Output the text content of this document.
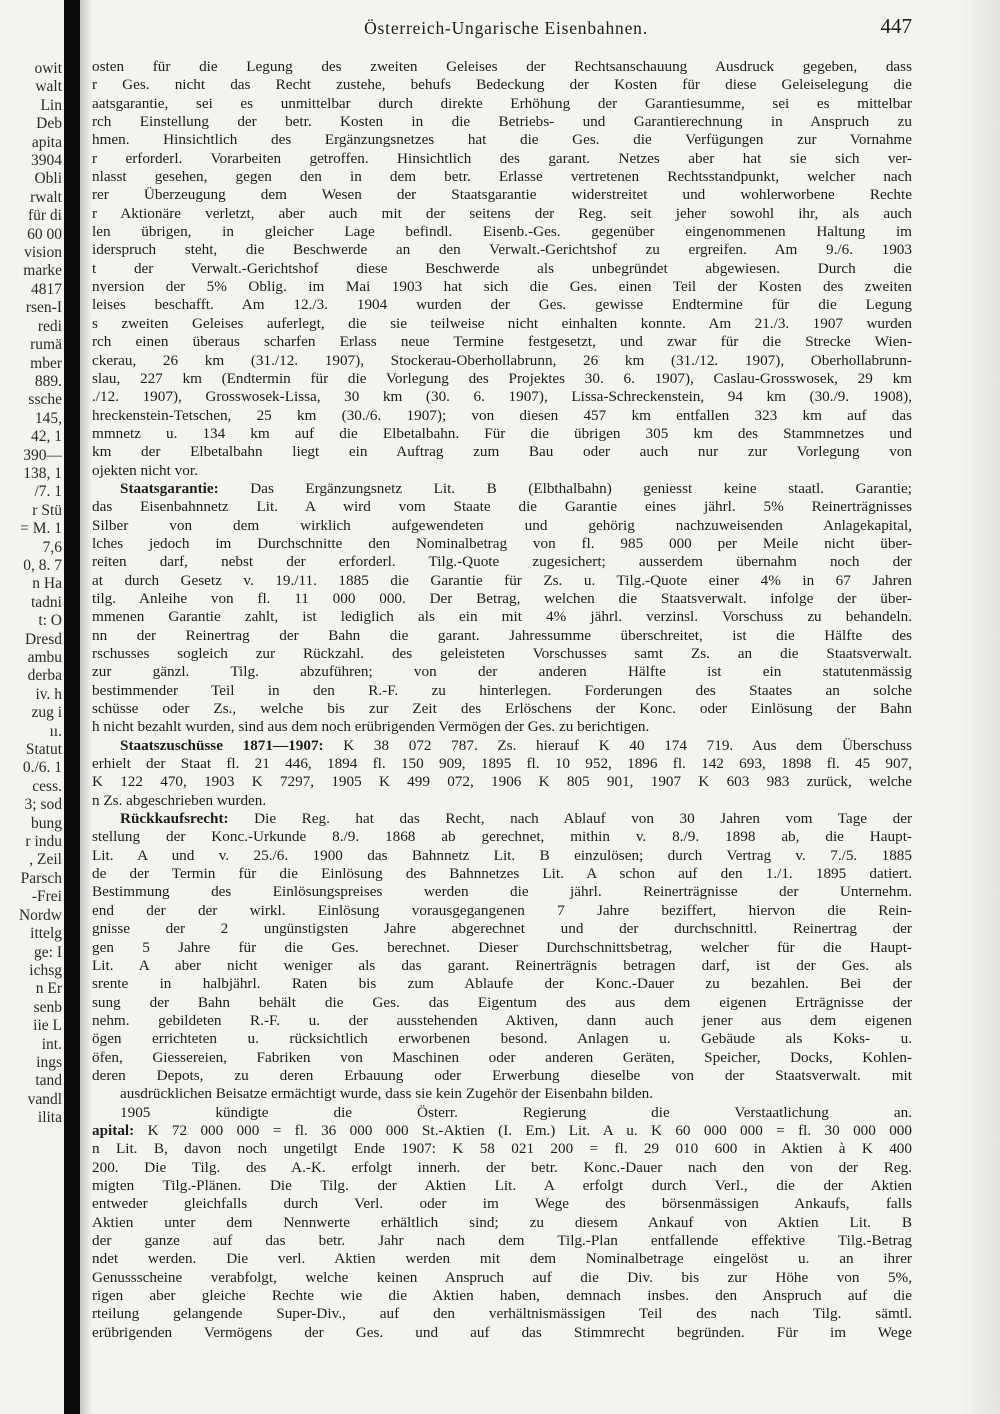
owit
walt
Lin
Deb
apita
3904
Obli
rwalt
für di
60 00
vision
marke
4817
rsen-I
redi
rumä
mber
889.
ssche
145,
42, 1
390—
138, 1
/7. 1
r Stü
= M. 1
7,6
0, 8. 7
n Ha
tadni
t: O
Dresd
ambu
derba
iv. h
zug i
ıı.
Statut
0./6. 1
cess.
3; sod
bung
r indu
, Zeil
Parsch
-Frei
Nordw
ittelg
ge: I
ichsg
n Er
senb
iie L
int.
ings
tand
vandl
ilita
Österreich-Ungarische Eisenbahnen.	447
osten für die Legung des zweiten Geleises der Rechtsanschauung Ausdruck gegeben, dass
r Ges. nicht das Recht zustehe, behufs Bedeckung der Kosten für diese Geleiselegung die
aatsgarantie, sei es unmittelbar durch direkte Erhöhung der Garantiesumme, sei es mittelbar
rch Einstellung der betr. Kosten in die Betriebs- und Garantierechnung in Anspruch zu
hmen. Hinsichtlich des Ergänzungsnetzes hat die Ges. die Verfügungen zur Vornahme
r erforderl. Vorarbeiten getroffen. Hinsichtlich des garant. Netzes aber hat sie sich ver-
nlasst gesehen, gegen den in dem betr. Erlasse vertretenen Rechtsstandpunkt, welcher nach
rer Überzeugung dem Wesen der Staatsgarantie widerstreitet und wohlerworbene Rechte
r Aktionäre verletzt, aber auch mit der seitens der Reg. seit jeher sowohl ihr, als auch
len übrigen, in gleicher Lage befindl. Eisenb.-Ges. gegenüber eingenommenen Haltung im
iderspruch steht, die Beschwerde an den Verwalt.-Gerichtshof zu ergreifen. Am 9./6. 1903
t der Verwalt.-Gerichtshof diese Beschwerde als unbegründet abgewiesen. Durch die
nversion der 5% Oblig. im Mai 1903 hat sich die Ges. einen Teil der Kosten des zweiten
leises beschafft. Am 12./3. 1904 wurden der Ges. gewisse Endtermine für die Legung
s zweiten Geleises auferlegt, die sie teilweise nicht einhalten konnte. Am 21./3. 1907 wurden
rch einen überaus scharfen Erlass neue Termine festgesetzt, und zwar für die Strecke Wien-
ckerau, 26 km (31./12. 1907), Stockerau-Oberhollabrunn, 26 km (31./12. 1907), Oberhollabrunn-
slau, 227 km (Endtermin für die Vorlegung des Projektes 30. 6. 1907), Caslau-Grosswosek, 29 km
./12. 1907), Grosswosek-Lissa, 30 km (30. 6. 1907), Lissa-Schreckenstein, 94 km (30./9. 1908),
hreckenstein-Tetschen, 25 km (30./6. 1907); von diesen 457 km entfallen 323 km auf das
mmnetz u. 134 km auf die Elbetalbahn. Für die übrigen 305 km des Stammnetzes und
km der Elbetalbahn liegt ein Auftrag zum Bau oder auch nur zur Vorlegung von
ojekten nicht vor.
Staatsgarantie: Das Ergänzungsnetz Lit. B (Elbthalbahn) geniesst keine staatl. Garantie;
das Eisenbahnnetz Lit. A wird vom Staate die Garantie eines jährl. 5% Reinerträgnisses
Silber von dem wirklich aufgewendeten und gehörig nachzuweisenden Anlagekapital,
lches jedoch im Durchschnitte den Nominalbetrag von fl. 985 000 per Meile nicht über-
reiten darf, nebst der erforderl. Tilg.-Quote zugesichert; ausserdem übernahm noch der
at durch Gesetz v. 19./11. 1885 die Garantie für Zs. u. Tilg.-Quote einer 4% in 67 Jahren
tilg. Anleihe von fl. 11 000 000. Der Betrag, welchen die Staatsverwalt. infolge der über-
mmenen Garantie zahlt, ist lediglich als ein mit 4% jährl. verzinsl. Vorschuss zu behandeln.
nn der Reinertrag der Bahn die garant. Jahressumme überschreitet, ist die Hälfte des
rschusses sogleich zur Rückzahl. des geleisteten Vorschusses samt Zs. an die Staatsverwalt.
zur gänzl. Tilg. abzuführen; von der anderen Hälfte ist ein statutenmässig
bestimmender Teil in den R.-F. zu hinterlegen. Forderungen des Staates an solche
schüsse oder Zs., welche bis zur Zeit des Erlöschens der Konc. oder Einlösung der Bahn
h nicht bezahlt wurden, sind aus dem noch erübrigenden Vermögen der Ges. zu berichtigen.
Staatszuschüsse 1871—1907: K 38 072 787. Zs. hierauf K 40 174 719. Aus dem Überschuss
erhielt der Staat fl. 21 446, 1894 fl. 150 909, 1895 fl. 10 952, 1896 fl. 142 693, 1898 fl. 45 907,
K 122 470, 1903 K 7297, 1905 K 499 072, 1906 K 805 901, 1907 K 603 983 zurück, welche
n Zs. abgeschrieben wurden.
Rückkaufsrecht: Die Reg. hat das Recht, nach Ablauf von 30 Jahren vom Tage der
stellung der Konc.-Urkunde 8./9. 1868 ab gerechnet, mithin v. 8./9. 1898 ab, die Haupt-
Lit. A und v. 25./6. 1900 das Bahnnetz Lit. B einzulösen; durch Vertrag v. 7./5. 1885
de der Termin für die Einlösung des Bahnnetzes Lit. A schon auf den 1./1. 1895 datiert.
Bestimmung des Einlösungspreises werden die jährl. Reinerträgnisse der Unternehm.
end der der wirkl. Einlösung vorausgegangenen 7 Jahre beziffert, hiervon die Rein-
gnisse der 2 ungünstigsten Jahre abgerechnet und der durchschnittl. Reinertrag der
gen 5 Jahre für die Ges. berechnet. Dieser Durchschnittsbetrag, welcher für die Haupt-
Lit. A aber nicht weniger als das garant. Reinerträgnis betragen darf, ist der Ges. als
srente in halbjährl. Raten bis zum Ablaufe der Konc.-Dauer zu bezahlen. Bei der
sung der Bahn behält die Ges. das Eigentum des aus dem eigenen Erträgnisse der
nehm. gebildeten R.-F. u. der ausstehenden Aktiven, dann auch jener aus dem eigenen
ögen errichteten u. rücksichtlich erworbenen besond. Anlagen u. Gebäude als Koks- u.
öfen, Giessereien, Fabriken von Maschinen oder anderen Geräten, Speicher, Docks, Kohlen-
deren Depots, zu deren Erbauung oder Erwerbung dieselbe von der Staatsverwalt. mit
ausdrücklichen Beisatze ermächtigt wurde, dass sie kein Zugehör der Eisenbahn bilden.
1905 kündigte die Österr. Regierung die Verstaatlichung an.
apital: K 72 000 000 = fl. 36 000 000 St.-Aktien (I. Em.) Lit. A u. K 60 000 000 = fl. 30 000 000
n Lit. B, davon noch ungetilgt Ende 1907: K 58 021 200 = fl. 29 010 600 in Aktien à K 400
200. Die Tilg. des A.-K. erfolgt innerh. der betr. Konc.-Dauer nach den von der Reg.
migten Tilg.-Plänen. Die Tilg. der Aktien Lit. A erfolgt durch Verl., die der Aktien
entweder gleichfalls durch Verl. oder im Wege des börsenmässigen Ankaufs, falls
Aktien unter dem Nennwerte erhältlich sind; zu diesem Ankauf von Aktien Lit. B
der ganze auf das betr. Jahr nach dem Tilg.-Plan entfallende effektive Tilg.-Betrag
ndet werden. Die verl. Aktien werden mit dem Nominalbetrage eingelöst u. an ihrer
Genussscheine verabfolgt, welche keinen Anspruch auf die Div. bis zur Höhe von 5%,
rigen aber gleiche Rechte wie die Aktien haben, demnach insbes. den Anspruch auf die
rteilung gelangende Super-Div., auf den verhältnismässigen Teil des nach Tilg. sämtl.
erübrigenden Vermögens der Ges. und auf das Stimmrecht begründen. Für im Wege
